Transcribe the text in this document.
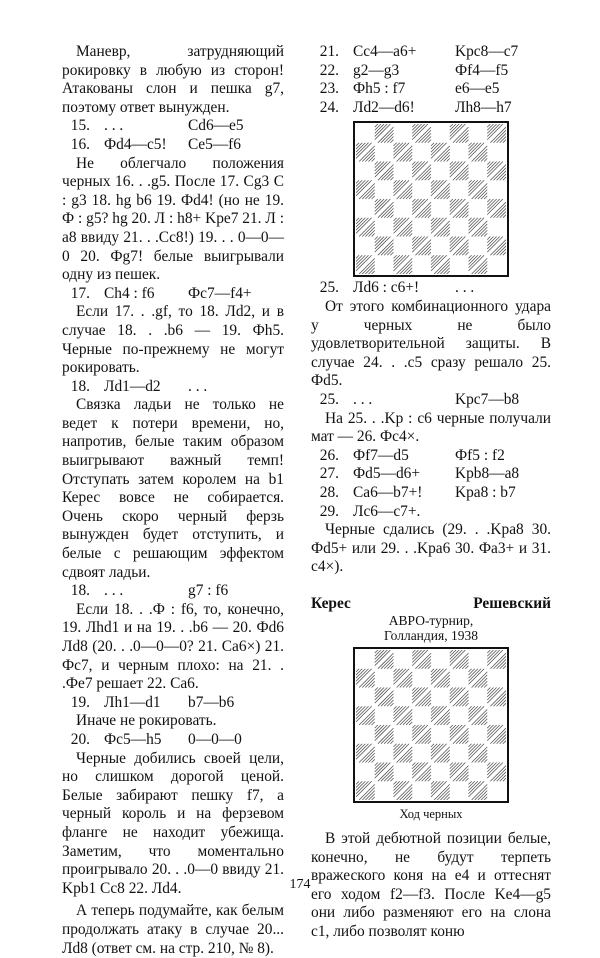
Маневр, затрудняющий рокировку в любую из сторон! Атакованы слон и пешка g7, поэтому ответ вынужден.

15. . . .	Cd6—e5
16. Фd4—c5!	Ce5—f6

Не облегчало положения черных 16. . .g5. После 17. Cg3 C : g3 18. hg b6 19. Фd4! (но не 19. Ф : g5? hg 20. Л : h8+ Kpe7 21. Л : a8 ввиду 21. . .Cc8!) 19. . . 0—0—0 20. Фg7! белые выигрывали одну из пешек.

17. Ch4 : f6	Фc7—f4+

Если 17. . .gf, то 18. Лd2, и в случае 18. . .b6 — 19. Фh5. Черные по-прежнему не могут рокировать.

18. Лd1—d2	. . .

Связка ладьи не только не ведет к потери времени, но, напротив, белые таким образом выигрывают важный темп! Отступать затем королем на b1 Керес вовсе не собирается. Очень скоро черный ферзь вынужден будет отступить, и белые с решающим эффектом сдвоят ладьи.

18. . . .	g7 : f6

Если 18. . .Ф : f6, то, конечно, 19. Лhd1 и на 19. . .b6 — 20. Фd6 Лd8 (20. . .0—0—0? 21. Ca6×) 21. Фc7, и черным плохо: на 21. . .Фe7 решает 22. Ca6.

19. Лh1—d1	b7—b6

Иначе не рокировать.

20. Фc5—h5	0—0—0

Черные добились своей цели, но слишком дорогой ценой. Белые забирают пешку f7, а черный король и на ферзевом фланге не находит убежища. Заметим, что моментально проигрывало 20. . .0—0 ввиду 21. Kpb1 Cc8 22. Лd4.

А теперь подумайте, как белым продолжать атаку в случае 20... Лd8 (ответ см. на стр. 210, № 8).

21. Cc4—a6+	Kpc8—c7
22. g2—g3	Фf4—f5
23. Фh5 : f7	e6—e5
24. Лd2—d6!	Лh8—h7
25. Лd6 : c6+!	. . .

От этого комбинационного удара у черных не было удовлетворительной защиты. В случае 24. . .c5 сразу решало 25. Фd5.

25. . . .	Kpc7—b8

На 25. . .Kp : c6 черные получали мат — 26. Фc4×.

26. Фf7—d5	Фf5 : f2
27. Фd5—d6+	Kpb8—a8
28. Ca6—b7+!	Kpa8 : b7
29. Лc6—c7+.

Черные сдались (29. . .Kpa8 30. Фd5+ или 29. . .Kpa6 30. Фa3+ и 31. c4×).

Керес	Решевский
АВРО-турнир,
Голландия, 1938
Ход черных

В этой дебютной позиции белые, конечно, не будут терпеть вражеского коня на e4 и оттеснят его ходом f2—f3. После Ke4—g5 они либо разменяют его на слона c1, либо позволят коню

174
